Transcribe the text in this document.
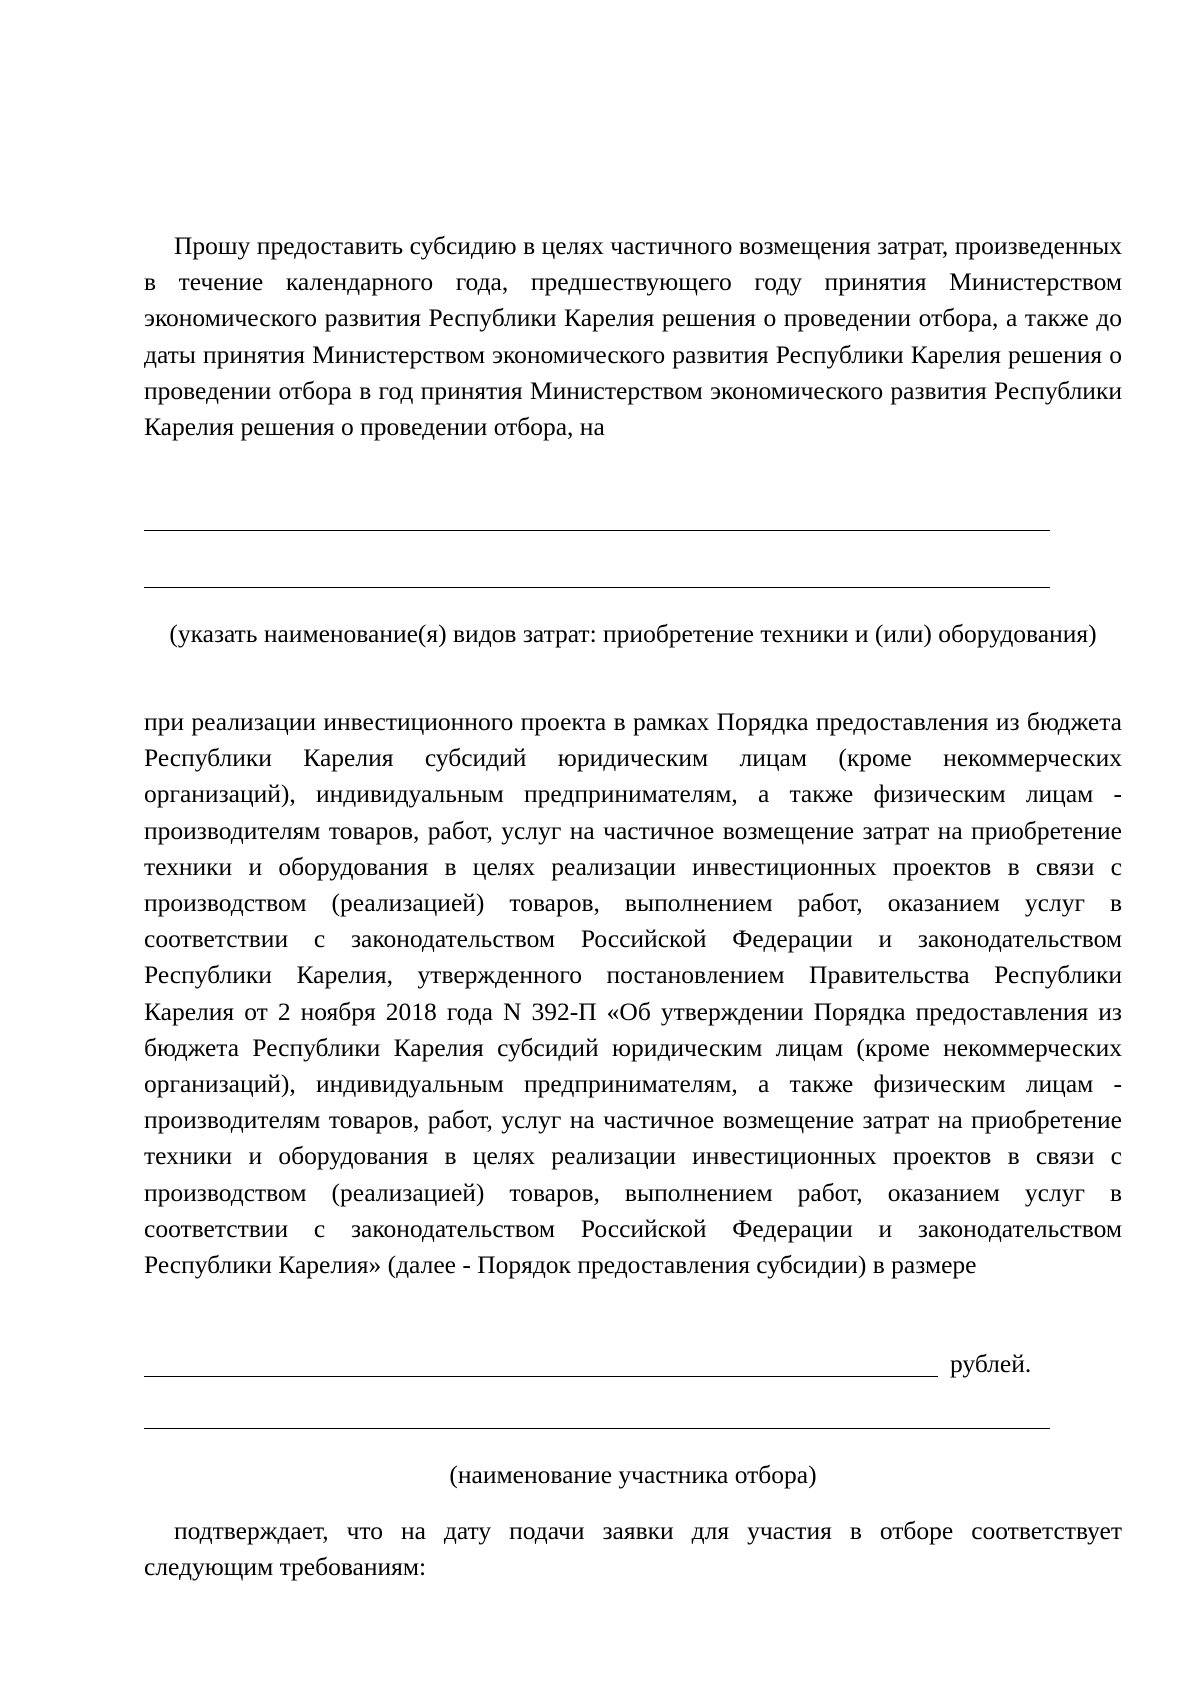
Прошу предоставить субсидию в целях частичного возмещения затрат, произведенных в течение календарного года, предшествующего году принятия Министерством экономического развития Республики Карелия решения о проведении отбора, а также до даты принятия Министерством экономического развития Республики Карелия решения о проведении отбора в год принятия Министерством экономического развития Республики Карелия решения о проведении отбора, на

(указать наименование(я) видов затрат: приобретение техники и (или) оборудования)

при реализации инвестиционного проекта в рамках Порядка предоставления из бюджета Республики Карелия субсидий юридическим лицам (кроме некоммерческих организаций), индивидуальным предпринимателям, а также физическим лицам - производителям товаров, работ, услуг на частичное возмещение затрат на приобретение техники и оборудования в целях реализации инвестиционных проектов в связи с производством (реализацией) товаров, выполнением работ, оказанием услуг в соответствии с законодательством Российской Федерации и законодательством Республики Карелия, утвержденного постановлением Правительства Республики Карелия от 2 ноября 2018 года N 392-П «Об утверждении Порядка предоставления из бюджета Республики Карелия субсидий юридическим лицам (кроме некоммерческих организаций), индивидуальным предпринимателям, а также физическим лицам - производителям товаров, работ, услуг на частичное возмещение затрат на приобретение техники и оборудования в целях реализации инвестиционных проектов в связи с производством (реализацией) товаров, выполнением работ, оказанием услуг в соответствии с законодательством Российской Федерации и законодательством Республики Карелия» (далее - Порядок предоставления субсидии) в размере

рублей.

(наименование участника отбора)

подтверждает, что на дату подачи заявки для участия в отборе соответствует следующим требованиям:
